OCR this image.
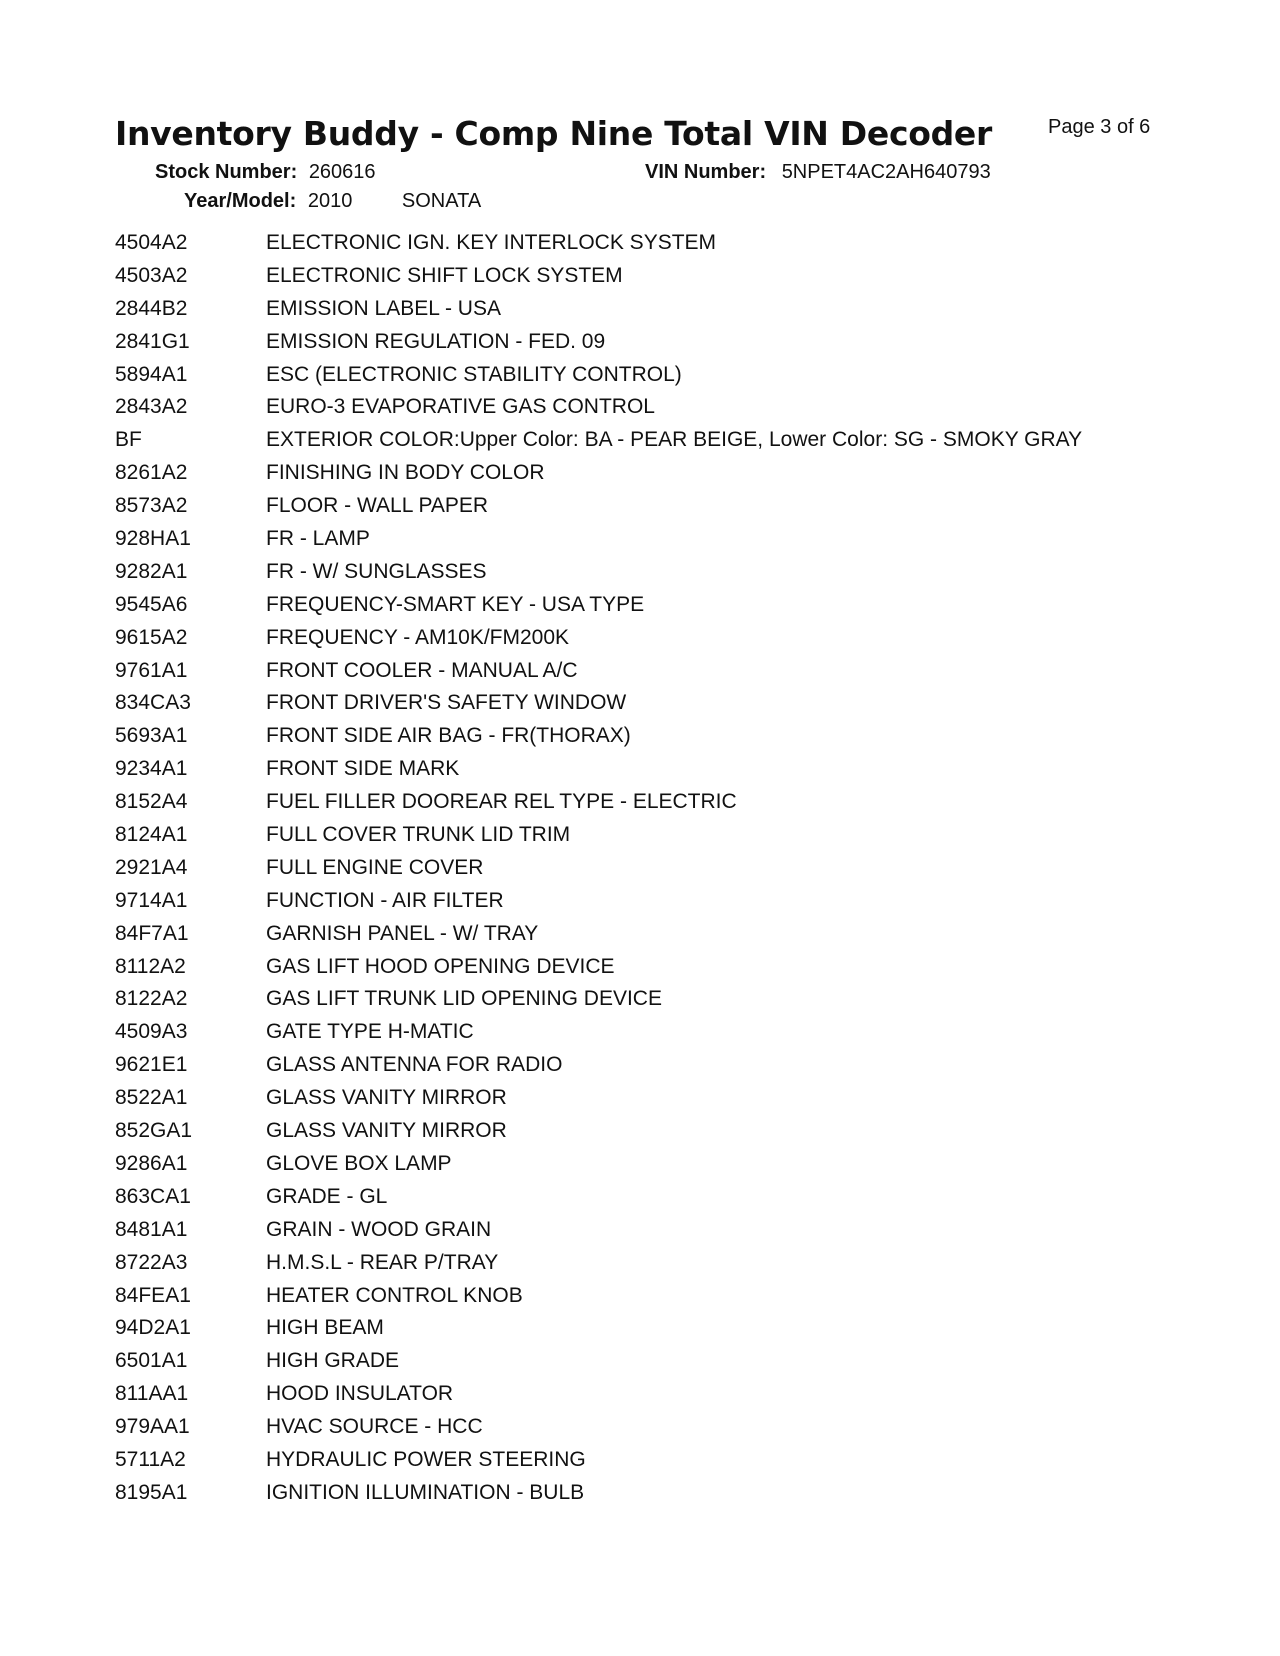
Inventory Buddy - Comp Nine Total VIN Decoder	Page 3 of 6
Stock Number: 260616	VIN Number: 5NPET4AC2AH640793
Year/Model: 2010 SONATA
4504A2	ELECTRONIC IGN. KEY INTERLOCK SYSTEM
4503A2	ELECTRONIC SHIFT LOCK SYSTEM
2844B2	EMISSION LABEL - USA
2841G1	EMISSION REGULATION - FED. 09
5894A1	ESC (ELECTRONIC STABILITY CONTROL)
2843A2	EURO-3 EVAPORATIVE GAS CONTROL
BF	EXTERIOR COLOR:Upper Color: BA - PEAR BEIGE, Lower Color: SG - SMOKY GRAY
8261A2	FINISHING IN BODY COLOR
8573A2	FLOOR - WALL PAPER
928HA1	FR - LAMP
9282A1	FR - W/ SUNGLASSES
9545A6	FREQUENCY-SMART KEY - USA TYPE
9615A2	FREQUENCY - AM10K/FM200K
9761A1	FRONT COOLER - MANUAL A/C
834CA3	FRONT DRIVER'S SAFETY WINDOW
5693A1	FRONT SIDE AIR BAG - FR(THORAX)
9234A1	FRONT SIDE MARK
8152A4	FUEL FILLER DOOREAR REL TYPE - ELECTRIC
8124A1	FULL COVER TRUNK LID TRIM
2921A4	FULL ENGINE COVER
9714A1	FUNCTION - AIR FILTER
84F7A1	GARNISH PANEL - W/ TRAY
8112A2	GAS LIFT HOOD OPENING DEVICE
8122A2	GAS LIFT TRUNK LID OPENING DEVICE
4509A3	GATE TYPE H-MATIC
9621E1	GLASS ANTENNA FOR RADIO
8522A1	GLASS VANITY MIRROR
852GA1	GLASS VANITY MIRROR
9286A1	GLOVE BOX LAMP
863CA1	GRADE - GL
8481A1	GRAIN - WOOD GRAIN
8722A3	H.M.S.L - REAR P/TRAY
84FEA1	HEATER CONTROL KNOB
94D2A1	HIGH BEAM
6501A1	HIGH GRADE
811AA1	HOOD INSULATOR
979AA1	HVAC SOURCE - HCC
5711A2	HYDRAULIC POWER STEERING
8195A1	IGNITION ILLUMINATION - BULB
